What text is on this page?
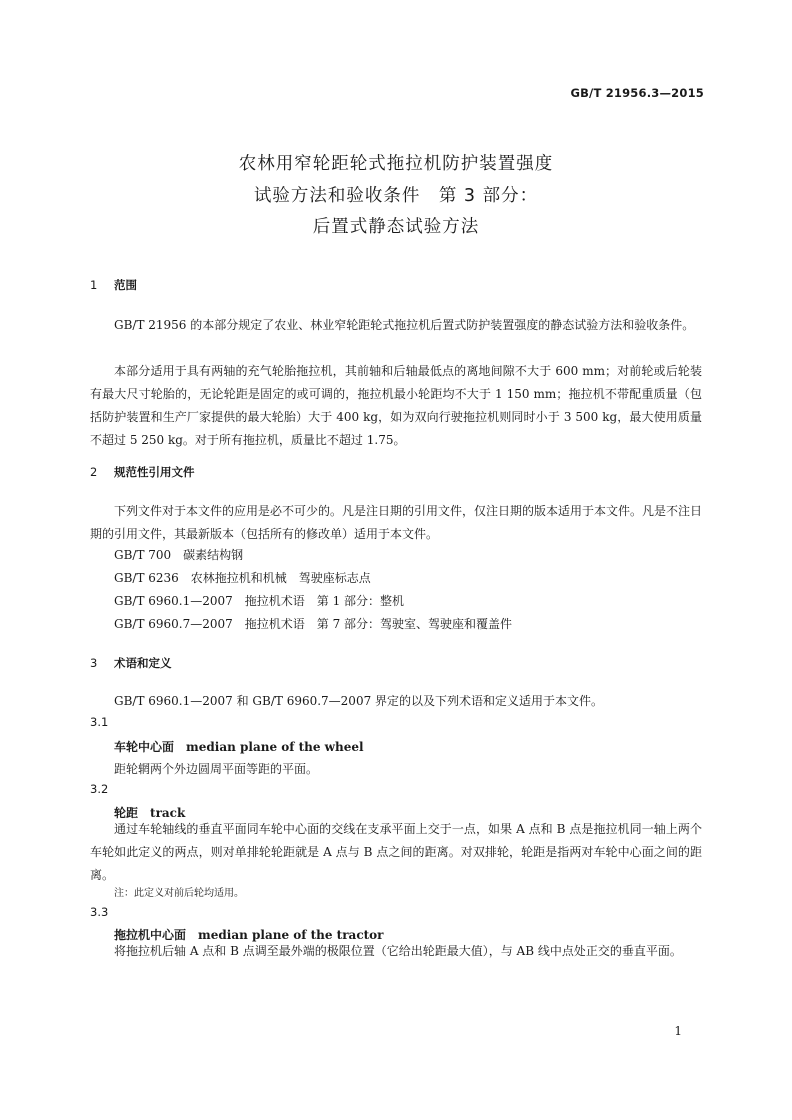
GB/T 21956.3—2015
农林用窄轮距轮式拖拉机防护装置强度
试验方法和验收条件　第 3 部分：
后置式静态试验方法
1 范围

GB/T 21956 的本部分规定了农业、林业窄轮距轮式拖拉机后置式防护装置强度的静态试验方法和验收条件。

本部分适用于具有两轴的充气轮胎拖拉机，其前轴和后轴最低点的离地间隙不大于 600 mm；对前轮或后轮装有最大尺寸轮胎的，无论轮距是固定的或可调的，拖拉机最小轮距均不大于 1 150 mm；拖拉机不带配重质量（包括防护装置和生产厂家提供的最大轮胎）大于 400 kg，如为双向行驶拖拉机则同时小于 3 500 kg，最大使用质量不超过 5 250 kg。对于所有拖拉机，质量比不超过 1.75。

2 规范性引用文件

下列文件对于本文件的应用是必不可少的。凡是注日期的引用文件，仅注日期的版本适用于本文件。凡是不注日期的引用文件，其最新版本（包括所有的修改单）适用于本文件。

GB/T 700　碳素结构钢
GB/T 6236　农林拖拉机和机械　驾驶座标志点
GB/T 6960.1—2007　拖拉机术语　第 1 部分：整机
GB/T 6960.7—2007　拖拉机术语　第 7 部分：驾驶室、驾驶座和覆盖件
3 术语和定义
GB/T 6960.1—2007 和 GB/T 6960.7—2007 界定的以及下列术语和定义适用于本文件。
3.1
车轮中心面　 median plane of the wheel
距轮辋两个外边圆周平面等距的平面。
3.2
轮距　 track

通过车轮轴线的垂直平面同车轮中心面的交线在支承平面上交于一点，如果 A 点和 B 点是拖拉机同一轴上两个车轮如此定义的两点，则对单排轮轮距就是 A 点与 B 点之间的距离。对双排轮，轮距是指两对车轮中心面之间的距离。

注：此定义对前后轮均适用。
3.3
拖拉机中心面　 median plane of the tractor

将拖拉机后轴 A 点和 B 点调至最外端的极限位置（它给出轮距最大值），与 AB 线中点处正交的垂直平面。

1
